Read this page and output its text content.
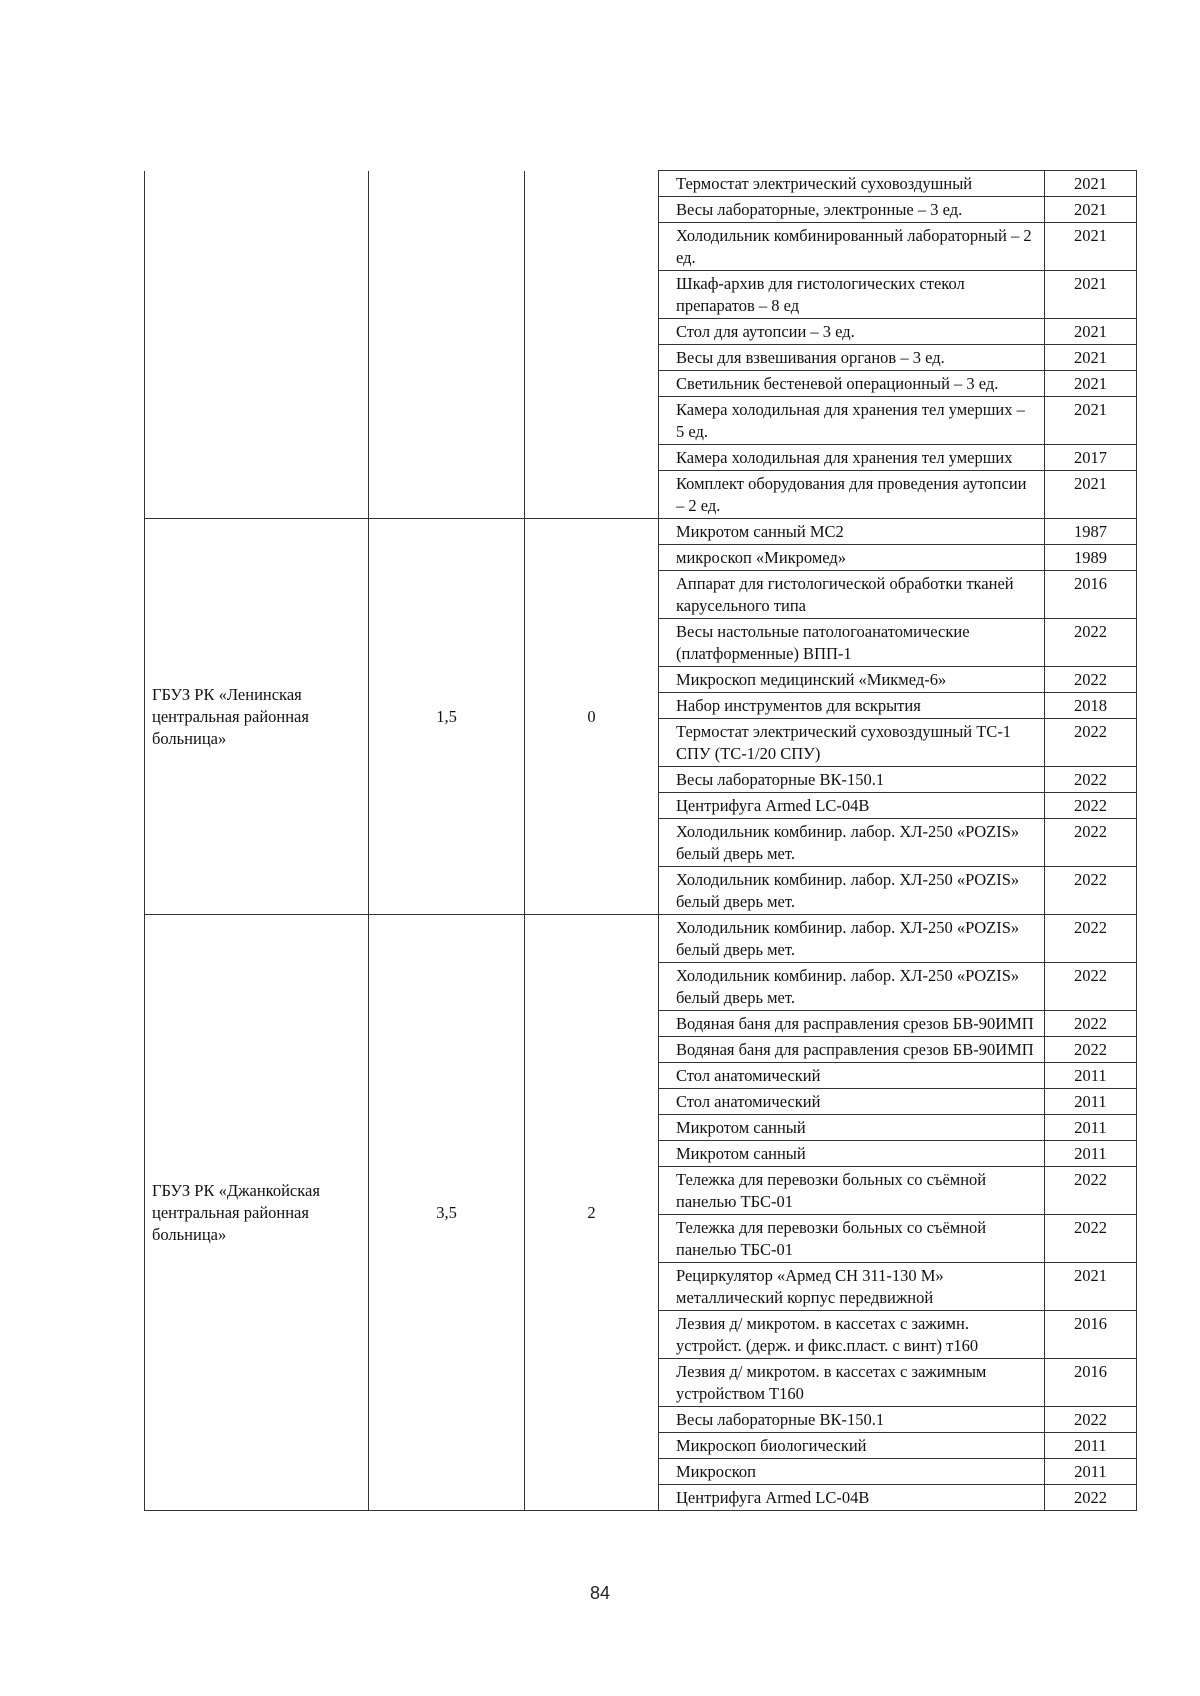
			Термостат электрический суховоздушный	2021
			Весы лабораторные, электронные – 3 ед.	2021
			Холодильник комбинированный лабораторный – 2 ед.	2021
			Шкаф-архив для гистологических стекол препаратов – 8 ед	2021
			Стол для аутопсии – 3 ед.	2021
			Весы для взвешивания органов – 3 ед.	2021
			Светильник бестеневой операционный – 3 ед.	2021
			Камера холодильная для хранения тел умерших – 5 ед.	2021
			Камера холодильная для хранения тел умерших	2017
			Комплект оборудования для проведения аутопсии – 2 ед.	2021
ГБУЗ РК «Ленинская центральная районная больница»	1,5	0	Микротом санный МС2	1987
			микроскоп «Микромед»	1989
			Аппарат для гистологической обработки тканей карусельного типа	2016
			Весы настольные патологоанатомические (платформенные) ВПП-1	2022
			Микроскоп медицинский «Микмед-6»	2022
			Набор инструментов для вскрытия	2018
			Термостат электрический суховоздушный ТС-1 СПУ (ТС-1/20 СПУ)	2022
			Весы лабораторные ВК-150.1	2022
			Центрифуга Armed LC-04B	2022
			Холодильник комбинир. лабор. ХЛ-250 «POZIS» белый дверь мет.	2022
			Холодильник комбинир. лабор. ХЛ-250 «POZIS» белый дверь мет.	2022
ГБУЗ РК «Джанкойская центральная районная больница»	3,5	2	Холодильник комбинир. лабор. ХЛ-250 «POZIS» белый дверь мет.	2022
			Холодильник комбинир. лабор. ХЛ-250 «POZIS» белый дверь мет.	2022
			Водяная баня для расправления срезов БВ-90ИМП	2022
			Водяная баня для расправления срезов БВ-90ИМП	2022
			Стол анатомический	2011
			Стол анатомический	2011
			Микротом санный	2011
			Микротом санный	2011
			Тележка для перевозки больных со съёмной панелью ТБС-01	2022
			Тележка для перевозки больных со съёмной панелью ТБС-01	2022
			Рециркулятор «Армед СН 311-130 М» металлический корпус передвижной	2021
			Лезвия д/ микротом. в кассетах с зажимн. устройст. (держ. и фикс.пласт. с винт) т160	2016
			Лезвия д/ микротом. в кассетах с зажимным устройством Т160	2016
			Весы лабораторные ВК-150.1	2022
			Микроскоп биологический	2011
			Микроскоп	2011
			Центрифуга Armed LC-04B	2022
84
